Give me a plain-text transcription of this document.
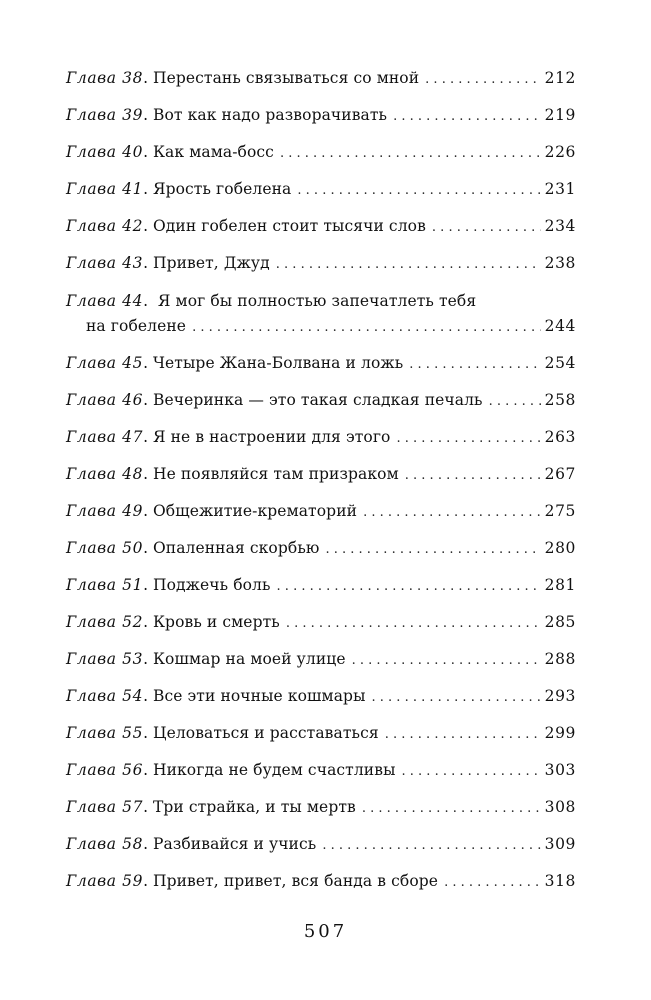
Глава 38 . Перестань связываться со мной . . .	212
Глава 39 . Вот как надо разворачивать . . .	219
Глава 40 . Как мама-босс . . .	226
Глава 41 . Ярость гобелена . . .	231
Глава 42 . Один гобелен стоит тысячи слов . . .	234
Глава 43 . Привет, Джуд . . .	238
Глава 44.  Я мог бы полностью запечатлеть тебя
на гобелене . . .	244
Глава 45 . Четыре Жана-Болвана и ложь . . .	254
Глава 46 . Вечеринка — это такая сладкая печаль . . .	258
Глава 47 . Я не в настроении для этого . . .	263
Глава 48 . Не появляйся там призраком . . .	267
Глава 49 . Общежитие-крематорий . . .	275
Глава 50 . Опаленная скорбью . . .	280
Глава 51 . Поджечь боль . . .	281
Глава 52 . Кровь и смерть . . .	285
Глава 53 . Кошмар на моей улице . . .	288
Глава 54 . Все эти ночные кошмары . . .	293
Глава 55 . Целоваться и расставаться . . .	299
Глава 56 . Никогда не будем счастливы . . .	303
Глава 57 . Три страйка, и ты мертв . . .	308
Глава 58 . Разбивайся и учись . . .	309
Глава 59 . Привет, привет, вся банда в сборе . . .	318
507
